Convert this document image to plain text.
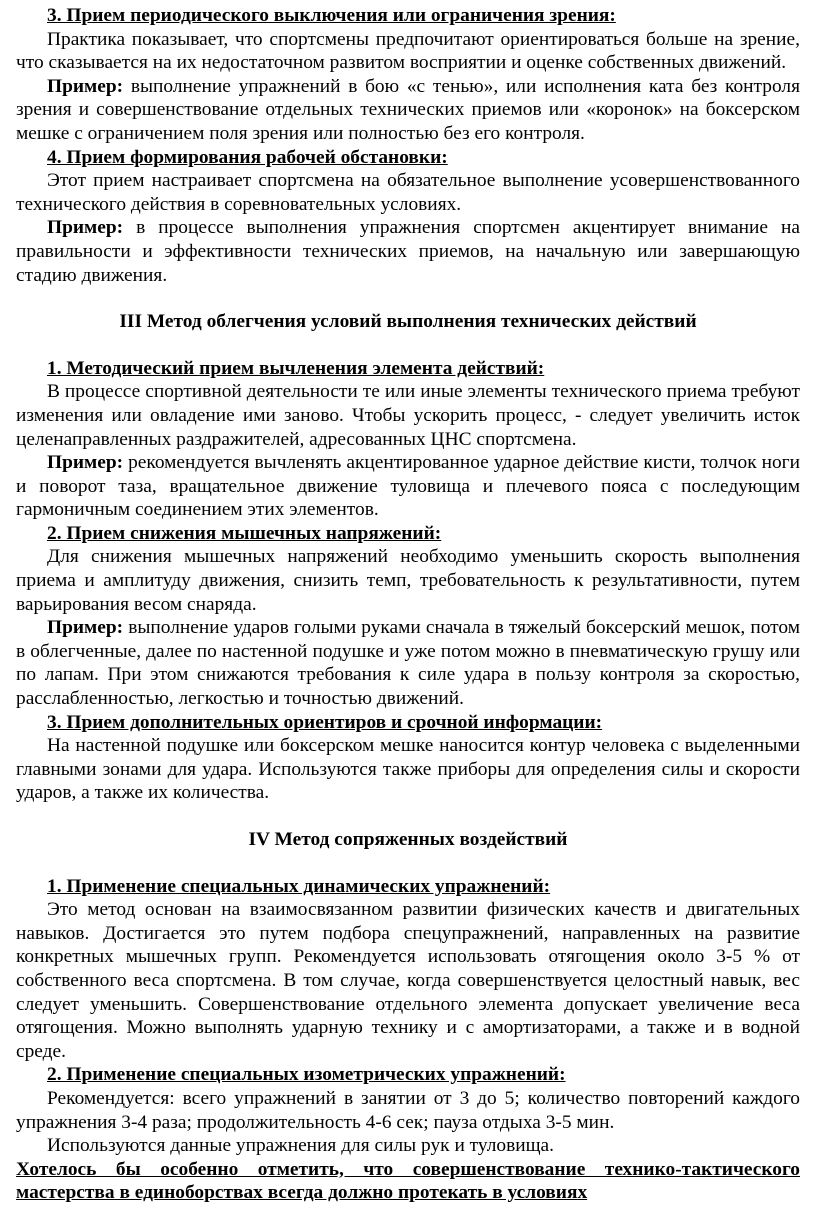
3. Прием периодического выключения или ограничения зрения:

Практика показывает, что спортсмены предпочитают ориентироваться больше на зрение, что сказывается на их недостаточном развитом восприятии и оценке собственных движений.

Пример: выполнение упражнений в бою «с тенью», или исполнения ката без контроля зрения и совершенствование отдельных технических приемов или «коронок» на боксерском мешке с ограничением поля зрения или полностью без его контроля.

4. Прием формирования рабочей обстановки:

Этот прием настраивает спортсмена на обязательное выполнение усовершенствованного технического действия в соревновательных условиях.

Пример: в процессе выполнения упражнения спортсмен акцентирует внимание на правильности и эффективности технических приемов, на начальную или завершающую стадию движения.

III Метод облегчения условий выполнения технических действий

1. Методический прием вычленения элемента действий:

В процессе спортивной деятельности те или иные элементы технического приема требуют изменения или овладение ими заново. Чтобы ускорить процесс, - следует увеличить исток целенаправленных раздражителей, адресованных ЦНС спортсмена.

Пример: рекомендуется вычленять акцентированное ударное действие кисти, толчок ноги и поворот таза, вращательное движение туловища и плечевого пояса с последующим гармоничным соединением этих элементов.

2. Прием снижения мышечных напряжений:

Для снижения мышечных напряжений необходимо уменьшить скорость выполнения приема и амплитуду движения, снизить темп, требовательность к результативности, путем варьирования весом снаряда.

Пример: выполнение ударов голыми руками сначала в тяжелый боксерский мешок, потом в облегченные, далее по настенной подушке и уже потом можно в пневматическую грушу или по лапам. При этом снижаются требования к силе удара в пользу контроля за скоростью, расслабленностью, легкостью и точностью движений.

3. Прием дополнительных ориентиров и срочной информации:

На настенной подушке или боксерском мешке наносится контур человека с выделенными главными зонами для удара. Используются также приборы для определения силы и скорости ударов, а также их количества.

IV Метод сопряженных воздействий

1. Применение специальных динамических упражнений:

Это метод основан на взаимосвязанном развитии физических качеств и двигательных навыков. Достигается это путем подбора спецупражнений, направленных на развитие конкретных мышечных групп. Рекомендуется использовать отягощения около 3-5 % от собственного веса спортсмена. В том случае, когда совершенствуется целостный навык, вес следует уменьшить. Совершенствование отдельного элемента допускает увеличение веса отягощения. Можно выполнять ударную технику и с амортизаторами, а также и в водной среде.

2. Применение специальных изометрических упражнений:

Рекомендуется: всего упражнений в занятии от 3 до 5; количество повторений каждого упражнения 3-4 раза; продолжительность 4-6 сек; пауза отдыха 3-5 мин.

Используются данные упражнения для силы рук и туловища.

Хотелось бы особенно отметить, что совершенствование технико-тактического мастерства в единоборствах всегда должно протекать в условиях
